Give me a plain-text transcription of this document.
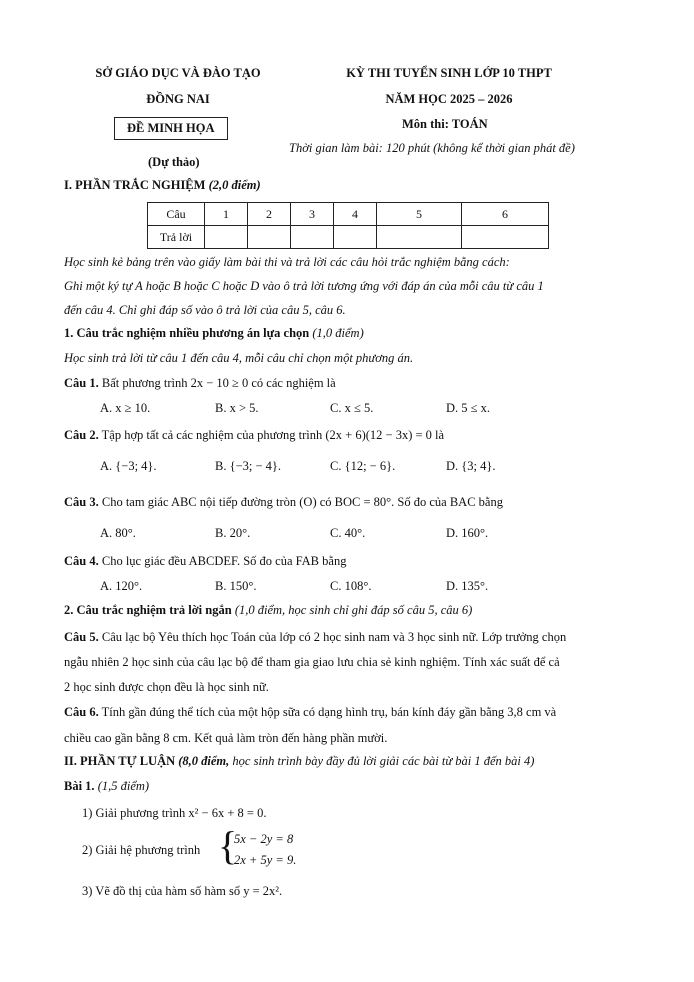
SỞ GIÁO DỤC VÀ ĐÀO TẠO
ĐỒNG NAI
KỲ THI TUYỂN SINH LỚP 10 THPT
NĂM HỌC 2025 – 2026
ĐỀ MINH HỌA	Môn thi: TOÁN
Thời gian làm bài: 120 phút (không kể thời gian phát đề)
(Dự thảo)
I. PHẦN TRẮC NGHIỆM (2,0 điểm)
Câu	1	2	3	4	5	6
Trả lời						
Học sinh kẻ bảng trên vào giấy làm bài thi và trả lời các câu hỏi trắc nghiệm bằng cách:
Ghi một ký tự A hoặc B hoặc C hoặc D vào ô trả lời tương ứng với đáp án của mỗi câu từ câu 1
đến câu 4. Chỉ ghi đáp số vào ô trả lời của câu 5, câu 6.
1. Câu trắc nghiệm nhiều phương án lựa chọn (1,0 điểm)
Học sinh trả lời từ câu 1 đến câu 4, mỗi câu chỉ chọn một phương án.
Câu 1. Bất phương trình 2x − 10 ≥ 0 có các nghiệm là
A. x ≥ 10.	B. x > 5.	C. x ≤ 5.	D. 5 ≤ x.
Câu 2. Tập hợp tất cả các nghiệm của phương trình (2x + 6)(12 − 3x) = 0 là
A. {−3; 4}.	B. {−3; − 4}.	C. {12; − 6}.	D. {3; 4}.
Câu 3. Cho tam giác ABC nội tiếp đường tròn (O) có BOC = 80°. Số đo của BAC bằng
A. 80°.	B. 20°.	C. 40°.	D. 160°.
Câu 4. Cho lục giác đều ABCDEF. Số đo của FAB bằng
A. 120°.	B. 150°.	C. 108°.	D. 135°.
2. Câu trắc nghiệm trả lời ngắn (1,0 điểm, học sinh chỉ ghi đáp số câu 5, câu 6)
Câu 5. Câu lạc bộ Yêu thích học Toán của lớp có 2 học sinh nam và 3 học sinh nữ. Lớp trưởng chọn
ngẫu nhiên 2 học sinh của câu lạc bộ để tham gia giao lưu chia sẻ kinh nghiệm. Tính xác suất để cả
2 học sinh được chọn đều là học sinh nữ.
Câu 6. Tính gần đúng thể tích của một hộp sữa có dạng hình trụ, bán kính đáy gần bằng 3,8 cm và
chiều cao gần bằng 8 cm. Kết quả làm tròn đến hàng phần mười.
II. PHẦN TỰ LUẬN (8,0 điểm, học sinh trình bày đầy đủ lời giải các bài từ bài 1 đến bài 4)
Bài 1. (1,5 điểm)
1) Giải phương trình x² − 6x + 8 = 0.
2) Giải hệ phương trình {
5x − 2y = 8
2x + 5y = 9.
3) Vẽ đồ thị của hàm số hàm số y = 2x².
